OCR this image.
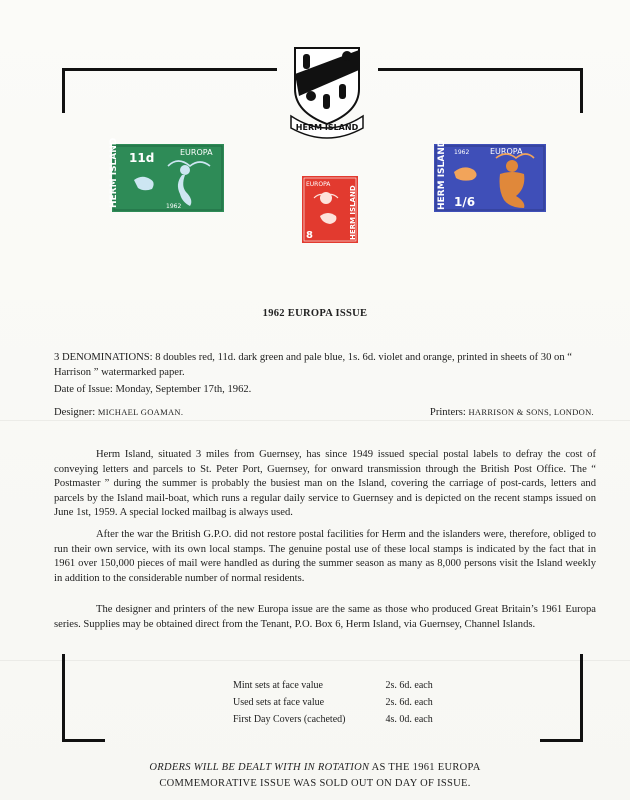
HERM ISLAND
HERM ISLAND 11d	EUROPA
1962
EUROPA
8	HERM ISLAND
HERM ISLAND 1962	EUROPA
1/6
1962 EUROPA ISSUE
3 DENOMINATIONS: 8 doubles red, 11d. dark green and pale blue, 1s. 6d. violet and orange, printed in sheets of 30 on “ Harrison ” watermarked paper.
Date of Issue: Monday, September 17th, 1962.
Designer: MICHAEL GOAMAN.	Printers: HARRISON & SONS, LONDON.
Herm Island, situated 3 miles from Guernsey, has since 1949 issued special postal labels to defray the cost of conveying letters and parcels to St. Peter Port, Guernsey, for onward transmission through the British Post Office. The “ Postmaster ” during the summer is probably the busiest man on the Island, covering the carriage of post-cards, letters and parcels by the Island mail-boat, which runs a regular daily service to Guernsey and is depicted on the recent stamps issued on June 1st, 1959. A special locked mailbag is always used.
After the war the British G.P.O. did not restore postal facilities for Herm and the islanders were, therefore, obliged to run their own service, with its own local stamps. The genuine postal use of these local stamps is indicated by the fact that in 1961 over 150,000 pieces of mail were handled as during the summer season as many as 8,000 persons visit the Island weekly in addition to the considerable number of normal residents.
The designer and printers of the new Europa issue are the same as those who produced Great Britain’s 1961 Europa series. Supplies may be obtained direct from the Tenant, P.O. Box 6, Herm Island, via Guernsey, Channel Islands.
Mint sets at face value	2s. 6d. each
Used sets at face value	2s. 6d. each
First Day Covers (cacheted)	4s. 0d. each
ORDERS WILL BE DEALT WITH IN ROTATION AS THE 1961 EUROPA
COMMEMORATIVE ISSUE WAS SOLD OUT ON DAY OF ISSUE.
